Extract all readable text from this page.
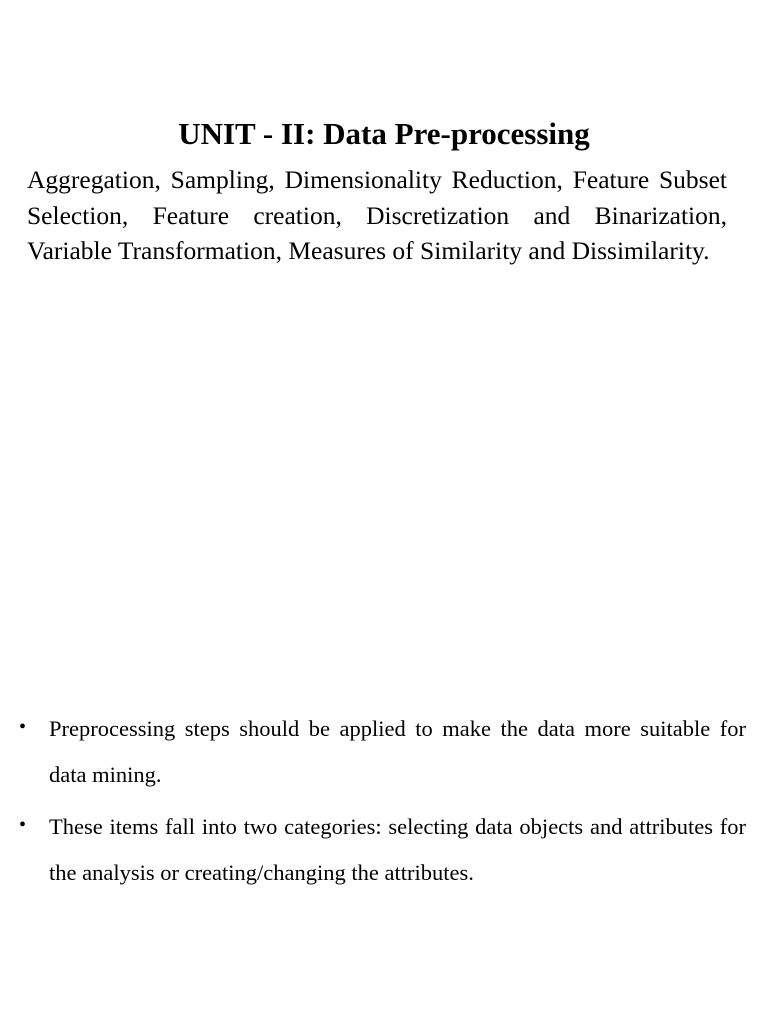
UNIT - II: Data Pre-processing

Aggregation, Sampling, Dimensionality Reduction, Feature Subset Selection, Feature creation, Discretization and Binarization, Variable Transformation, Measures of Similarity and Dissimilarity.

• Preprocessing steps should be applied to make the data more suitable for data mining.
• These items fall into two categories: selecting data objects and attributes for the analysis or creating/changing the attributes.
